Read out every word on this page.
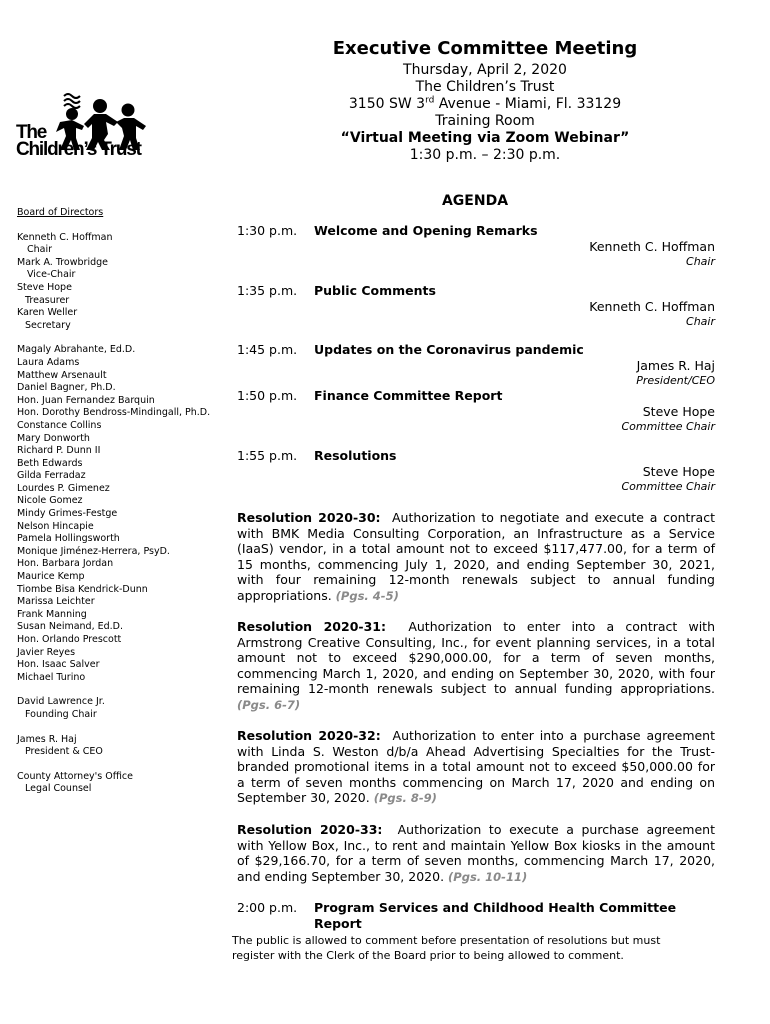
The
Children’s Trust
Executive Committee Meeting
Thursday, April 2, 2020
The Children’s Trust
3150 SW 3rd Avenue - Miami, Fl. 33129
Training Room
“Virtual Meeting via Zoom Webinar”
1:30 p.m. – 2:30 p.m.
Board of Directors
Kenneth C. Hoffman
Chair
Mark A. Trowbridge
Vice-Chair
Steve Hope
Treasurer
Karen Weller
Secretary
Magaly Abrahante, Ed.D.
Laura Adams
Matthew Arsenault
Daniel Bagner, Ph.D.
Hon. Juan Fernandez Barquin
Hon. Dorothy Bendross-Mindingall, Ph.D.
Constance Collins
Mary Donworth
Richard P. Dunn II
Beth Edwards
Gilda Ferradaz
Lourdes P. Gimenez
Nicole Gomez
Mindy Grimes-Festge
Nelson Hincapie
Pamela Hollingsworth
Monique Jiménez-Herrera, PsyD.
Hon. Barbara Jordan
Maurice Kemp
Tiombe Bisa Kendrick-Dunn
Marissa Leichter
Frank Manning
Susan Neimand, Ed.D.
Hon. Orlando Prescott
Javier Reyes
Hon. Isaac Salver
Michael Turino
David Lawrence Jr.
Founding Chair
James R. Haj
President & CEO
County Attorney's Office
Legal Counsel
AGENDA
1:30 p.m.	Welcome and Opening Remarks
Kenneth C. Hoffman
Chair
1:35 p.m.	Public Comments
Kenneth C. Hoffman
Chair
1:45 p.m.	Updates on the Coronavirus pandemic
James R. Haj
President/CEO
1:50 p.m.	Finance Committee Report
Steve Hope
Committee Chair
1:55 p.m.	Resolutions
Steve Hope
Committee Chair
Resolution 2020-30: Authorization to negotiate and execute a contract with BMK Media Consulting Corporation, an Infrastructure as a Service (IaaS) vendor, in a total amount not to exceed $117,477.00, for a term of 15 months, commencing July 1, 2020, and ending September 30, 2021, with four remaining 12-month renewals subject to annual funding appropriations. (Pgs. 4-5)
Resolution 2020-31: Authorization to enter into a contract with Armstrong Creative Consulting, Inc., for event planning services, in a total amount not to exceed $290,000.00, for a term of seven months, commencing March 1, 2020, and ending on September 30, 2020, with four remaining 12-month renewals subject to annual funding appropriations. (Pgs. 6-7)
Resolution 2020-32: Authorization to enter into a purchase agreement with Linda S. Weston d/b/a Ahead Advertising Specialties for the Trust-branded promotional items in a total amount not to exceed $50,000.00 for a term of seven months commencing on March 17, 2020 and ending on September 30, 2020. (Pgs. 8-9)
Resolution 2020-33: Authorization to execute a purchase agreement with Yellow Box, Inc., to rent and maintain Yellow Box kiosks in the amount of $29,166.70, for a term of seven months, commencing March 17, 2020, and ending September 30, 2020. (Pgs. 10-11)
2:00 p.m.	Program Services and Childhood Health Committee
Report
The public is allowed to comment before presentation of resolutions but must register with the Clerk of the Board prior to being allowed to comment.
